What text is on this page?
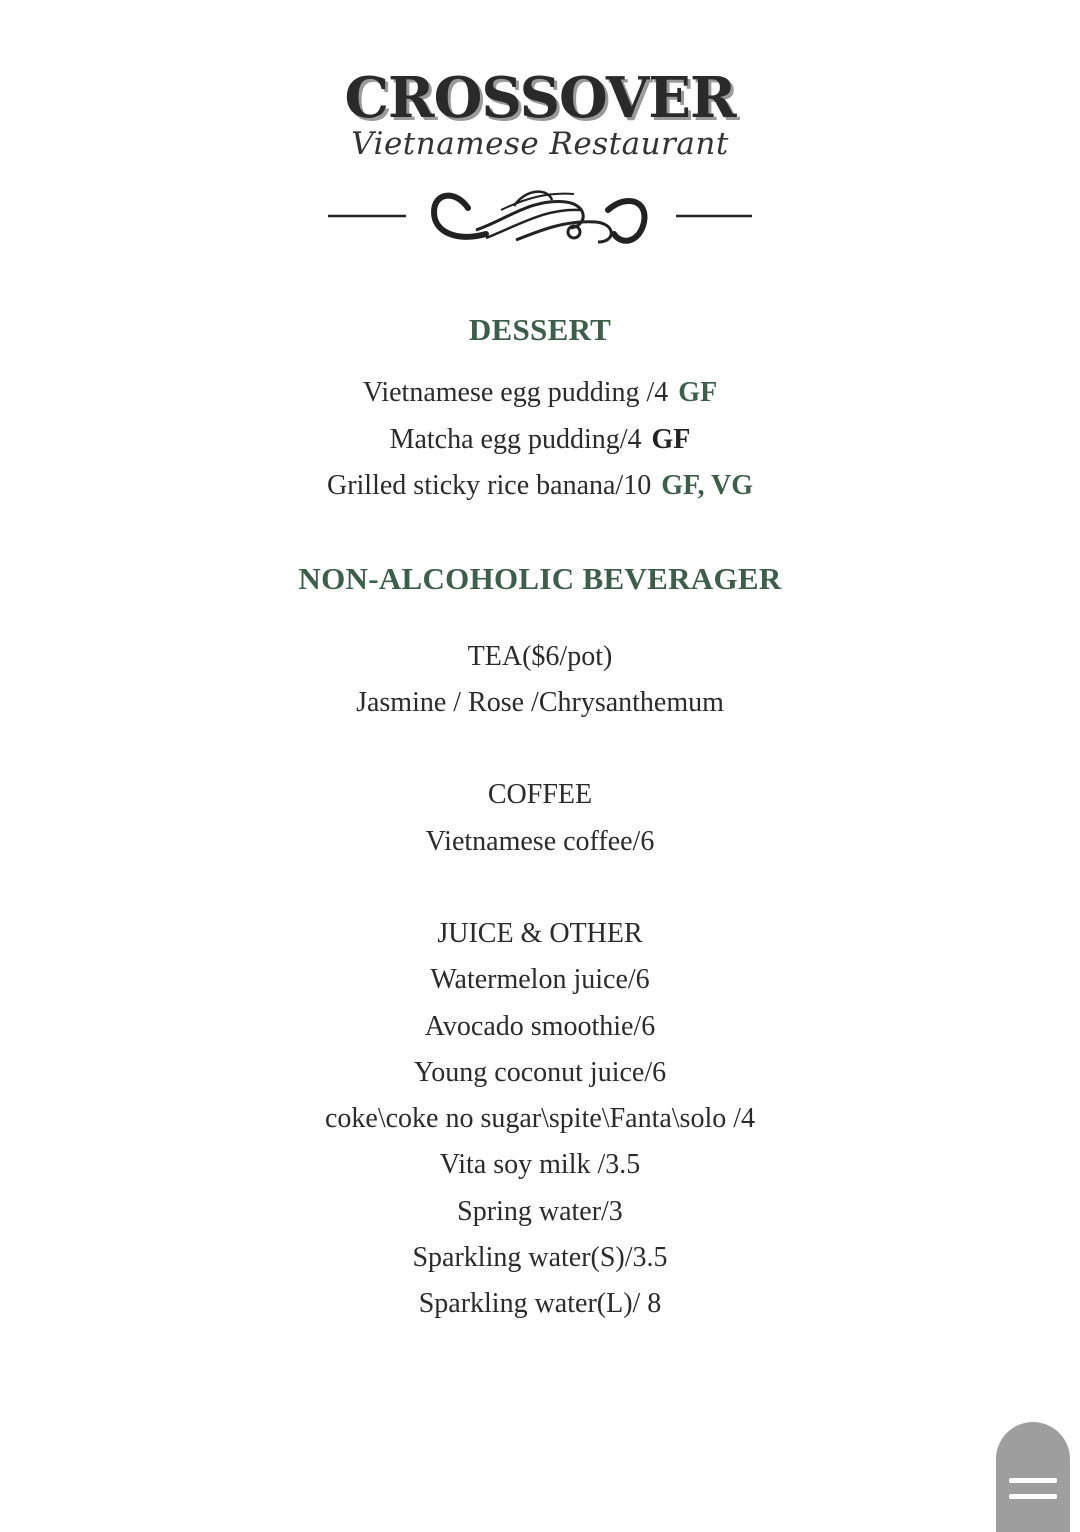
CROSSOVER
Vietnamese Restaurant
DESSERT
Vietnamese egg pudding /4 GF
Matcha egg pudding/4 GF
Grilled sticky rice banana/10 GF, VG
NON-ALCOHOLIC BEVERAGER
TEA($6/pot)
Jasmine / Rose /Chrysanthemum
COFFEE
Vietnamese coffee/6
JUICE & OTHER
Watermelon juice/6
Avocado smoothie/6
Young coconut juice/6
coke\coke no sugar\spite\Fanta\solo /4
Vita soy milk /3.5
Spring water/3
Sparkling water(S)/3.5
Sparkling water(L)/ 8
